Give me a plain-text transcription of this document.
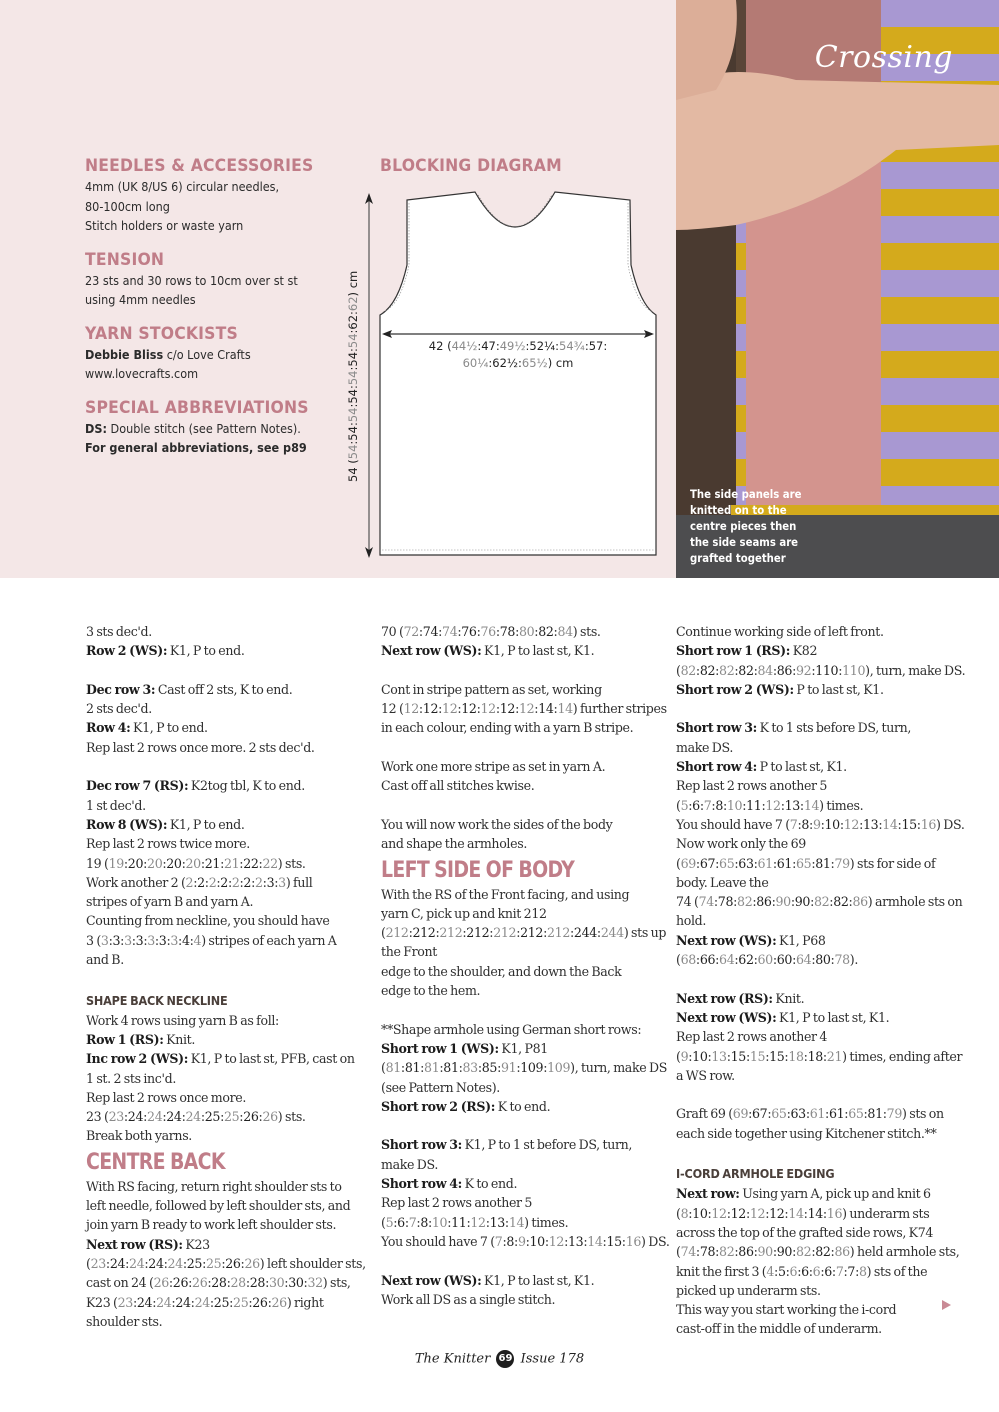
NEEDLES & ACCESSORIES

4mm (UK 8/US 6) circular needles,

80-100cm long

Stitch holders or waste yarn

TENSION

23 sts and 30 rows to 10cm over st st

using 4mm needles

YARN STOCKISTS

Debbie Bliss c/o Love Crafts

www.lovecrafts.com

SPECIAL ABBREVIATIONS

DS: Double stitch (see Pattern Notes).

For general abbreviations, see p89

BLOCKING DIAGRAM
54 (54:54:54:54:54:54:54:62:62) cm
42 (44½:47:49½:52¼:54¾:57:
60¼:62½:65½) cm
Crossing
The side panels are
knitted on to the
centre pieces then
the side seams are
grafted together

3 sts dec'd.

Row 2 (WS): K1, P to end.

Dec row 3: Cast off 2 sts, K to end.

2 sts dec'd.

Row 4: K1, P to end.

Rep last 2 rows once more. 2 sts dec'd.

Dec row 7 (RS): K2tog tbl, K to end.

1 st dec'd.

Row 8 (WS): K1, P to end.

Rep last 2 rows twice more.

19 (19:20:20:20:20:21:21:22:22) sts.

Work another 2 (2:2:2:2:2:2:2:3:3) full

stripes of yarn B and yarn A.

Counting from neckline, you should have

3 (3:3:3:3:3:3:3:4:4) stripes of each yarn A

and B.

SHAPE BACK NECKLINE

Work 4 rows using yarn B as foll:

Row 1 (RS): Knit.

Inc row 2 (WS): K1, P to last st, PFB, cast on

1 st. 2 sts inc'd.

Rep last 2 rows once more.

23 (23:24:24:24:24:25:25:26:26) sts.

Break both yarns.

CENTRE BACK

With RS facing, return right shoulder sts to

left needle, followed by left shoulder sts, and

join yarn B ready to work left shoulder sts.

Next row (RS): K23 (23:24:24:24:24:25:25:26:26) left shoulder sts, cast on 24 (26:26:26:28:28:28:30:30:32) sts, K23 (23:24:24:24:24:25:25:26:26) right shoulder sts.

70 (72:74:74:76:76:78:80:82:84) sts.

Next row (WS): K1, P to last st, K1.

Cont in stripe pattern as set, working

12 (12:12:12:12:12:12:12:14:14) further stripes

in each colour, ending with a yarn B stripe.

Work one more stripe as set in yarn A.

Cast off all stitches kwise.

You will now work the sides of the body

and shape the armholes.

LEFT SIDE OF BODY

With the RS of the Front facing, and using

yarn C, pick up and knit 212 (212:212:212:212:212:212:212:244:244) sts up the Front

edge to the shoulder, and down the Back

edge to the hem.

**Shape armhole using German short rows:

Short row 1 (WS): K1, P81 (81:81:81:81:83:85:91:109:109), turn, make DS (see Pattern Notes).

Short row 2 (RS): K to end.

Short row 3: K1, P to 1 st before DS, turn,

make DS.

Short row 4: K to end.

Rep last 2 rows another 5 (5:6:7:8:10:11:12:13:14) times.

You should have 7 (7:8:9:10:12:13:14:15:16) DS.

Next row (WS): K1, P to last st, K1.

Work all DS as a single stitch.

Continue working side of left front.

Short row 1 (RS): K82 (82:82:82:82:84:86:92:110:110), turn, make DS.

Short row 2 (WS): P to last st, K1.

Short row 3: K to 1 sts before DS, turn,

make DS.

Short row 4: P to last st, K1.

Rep last 2 rows another 5 (5:6:7:8:10:11:12:13:14) times.

You should have 7 (7:8:9:10:12:13:14:15:16) DS.

Now work only the 69 (69:67:65:63:61:61:65:81:79) sts for side of body. Leave the

74 (74:78:82:86:90:90:82:82:86) armhole sts on hold.

Next row (WS): K1, P68 (68:66:64:62:60:60:64:80:78).

Next row (RS): Knit.

Next row (WS): K1, P to last st, K1.

Rep last 2 rows another 4 (9:10:13:15:15:15:18:18:21) times, ending after a WS row.

Graft 69 (69:67:65:63:61:61:65:81:79) sts on each side together using Kitchener stitch.**

I-CORD ARMHOLE EDGING

Next row: Using yarn A, pick up and knit 6 (8:10:12:12:12:12:14:14:16) underarm sts across the top of the grafted side rows, K74 (74:78:82:86:90:90:82:82:86) held armhole sts, knit the first 3 (4:5:6:6:6:6:7:7:8) sts of the picked up underarm sts.

This way you start working the i-cord

cast-off in the middle of underarm.

The Knitter 69 Issue 178
